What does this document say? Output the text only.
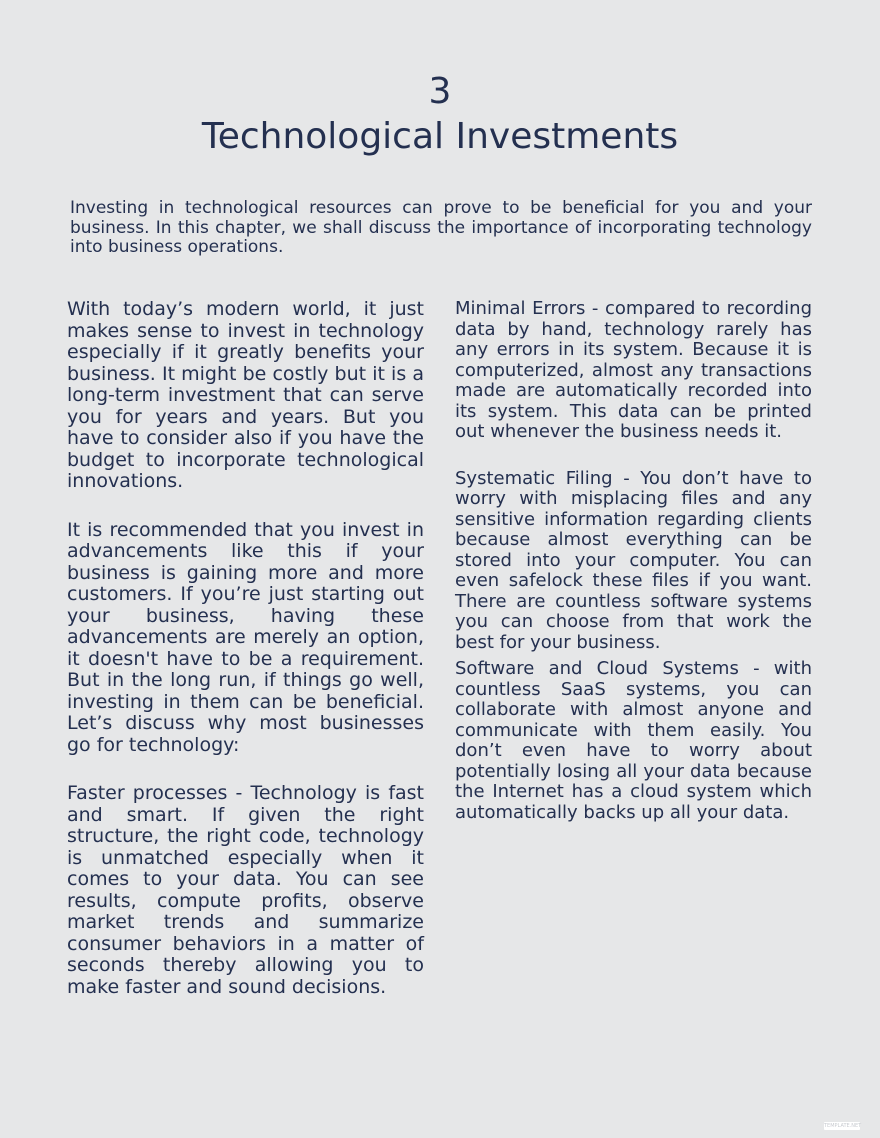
3
Technological Investments
Investing in technological resources can prove to be beneficial for you and your business. In this chapter, we shall discuss the importance of incorporating technology into business operations.

With today’s modern world, it just makes sense to invest in technology especially if it greatly benefits your business. It might be costly but it is a long-term investment that can serve you for years and years. But you have to consider also if you have the budget to incorporate technological innovations.

It is recommended that you invest in advancements like this if your business is gaining more and more customers. If you’re just starting out your business, having these advancements are merely an option, it doesn't have to be a requirement. But in the long run, if things go well, investing in them can be beneficial. Let’s discuss why most businesses go for technology:

Faster processes - Technology is fast and smart. If given the right structure, the right code, technology is unmatched especially when it comes to your data. You can see results, compute profits, observe market trends and summarize consumer behaviors in a matter of seconds thereby allowing you to make faster and sound decisions.

Minimal Errors - compared to recording data by hand, technology rarely has any errors in its system. Because it is computerized, almost any transactions made are automatically recorded into its system. This data can be printed out whenever the business needs it.

Systematic Filing - You don’t have to worry with misplacing files and any sensitive information regarding clients because almost everything can be stored into your computer. You can even safelock these files if you want. There are countless software systems you can choose from that work the best for your business.

Software and Cloud Systems - with countless SaaS systems, you can collaborate with almost anyone and communicate with them easily. You don’t even have to worry about potentially losing all your data because the Internet has a cloud system which automatically backs up all your data.

TEMPLATE.NET
